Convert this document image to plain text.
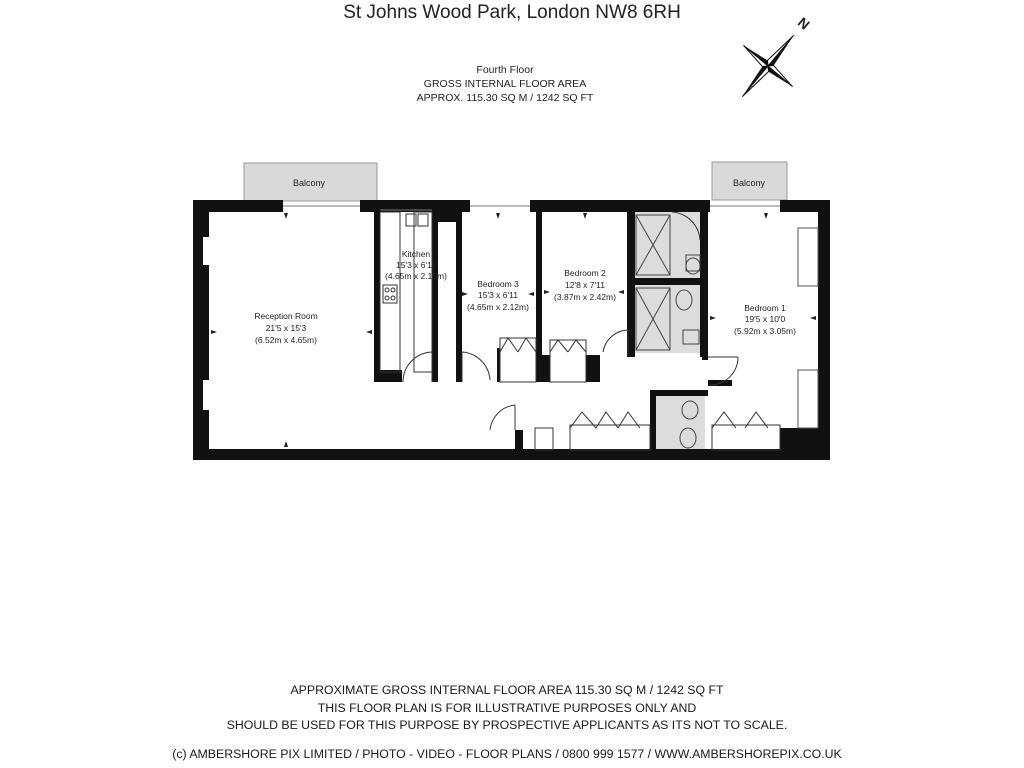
St Johns Wood Park, London NW8 6RH
Fourth Floor
GROSS INTERNAL FLOOR AREA
APPROX. 115.30 SQ M / 1242 SQ FT
N
Balcony	Balcony
Reception Room
21'5 x 15'3
(6.52m x 4.65m)
Kitchen
15'3 x 6'11
(4.65m x 2.10m)
Bedroom 3
15'3 x 6'11
(4.65m x 2.12m)
Bedroom 2
12'8 x 7'11
(3.87m x 2.42m)
Bedroom 1
19'5 x 10'0
(5.92m x 3.05m)
APPROXIMATE GROSS INTERNAL FLOOR AREA 115.30 SQ M / 1242 SQ FT
THIS FLOOR PLAN IS FOR ILLUSTRATIVE PURPOSES ONLY AND
SHOULD BE USED FOR THIS PURPOSE BY PROSPECTIVE APPLICANTS AS ITS NOT TO SCALE.
(c) AMBERSHORE PIX LIMITED / PHOTO - VIDEO - FLOOR PLANS / 0800 999 1577 / WWW.AMBERSHOREPIX.CO.UK
